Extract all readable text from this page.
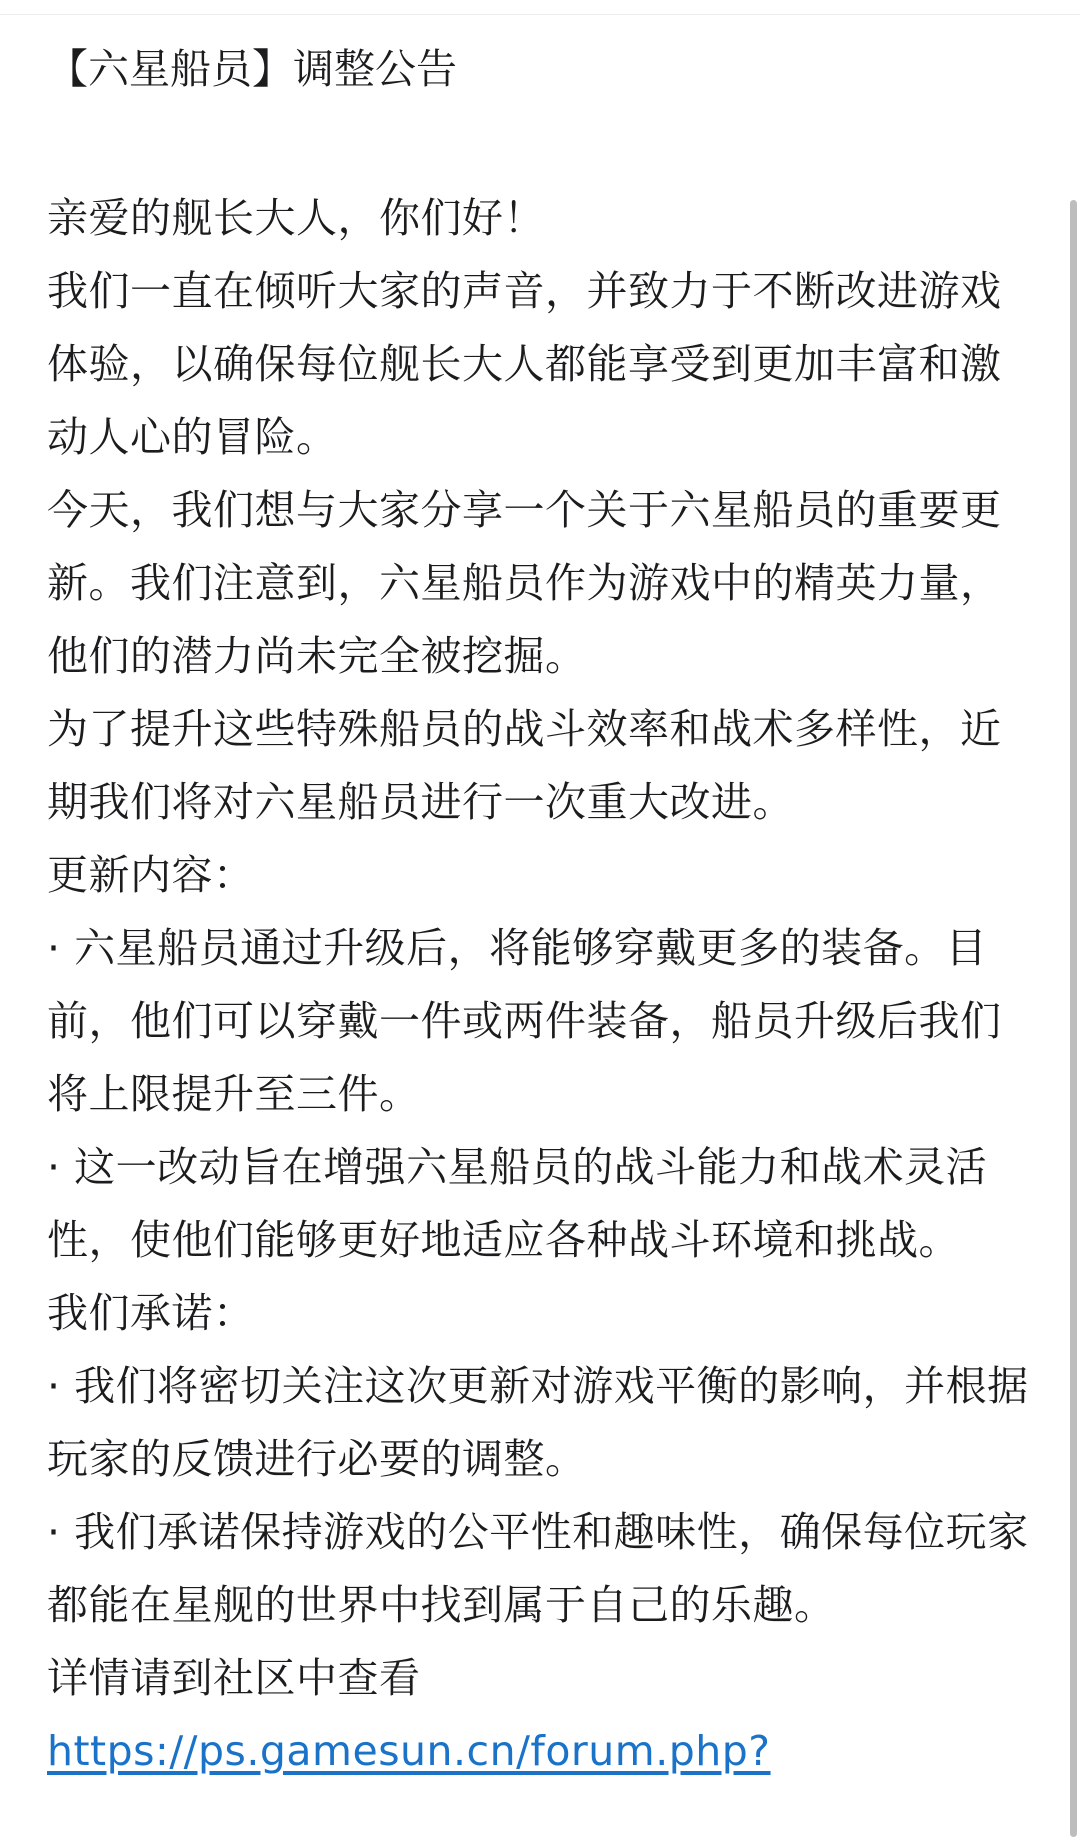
【六星船员】调整公告

亲爱的舰长大人，你们好！

我们一直在倾听大家的声音，并致力于不断改进游戏体验，以确保每位舰长大人都能享受到更加丰富和激动人心的冒险。

今天，我们想与大家分享一个关于六星船员的重要更新。我们注意到，六星船员作为游戏中的精英力量，他们的潜力尚未完全被挖掘。

为了提升这些特殊船员的战斗效率和战术多样性，近期我们将对六星船员进行一次重大改进。

更新内容：

· 六星船员通过升级后，将能够穿戴更多的装备。目前，他们可以穿戴一件或两件装备，船员升级后我们将上限提升至三件。

· 这一改动旨在增强六星船员的战斗能力和战术灵活性，使他们能够更好地适应各种战斗环境和挑战。

我们承诺：

· 我们将密切关注这次更新对游戏平衡的影响，并根据玩家的反馈进行必要的调整。

· 我们承诺保持游戏的公平性和趣味性，确保每位玩家都能在星舰的世界中找到属于自己的乐趣。

详情请到社区中查看

https://ps.gamesun.cn/forum.php?
